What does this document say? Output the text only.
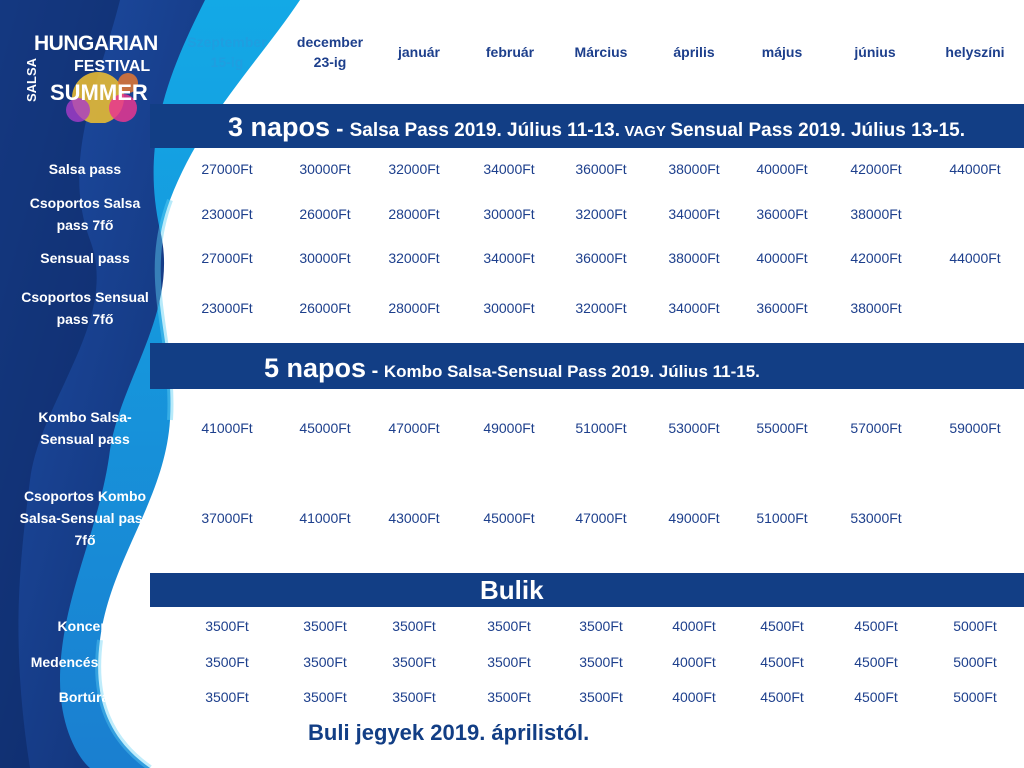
HUNGARIAN
SALSA FESTIVAL
SUMMER
Szeptember 15-ig
december 23-ig
január	február	Március	április	május	június	helyszíni
3 napos - Salsa Pass 2019. Július 11-13. VAGY Sensual Pass 2019. Július 13-15.
5 napos - Kombo Salsa-Sensual Pass 2019. Július 11-15.
Bulik
Salsa pass	27000Ft	30000Ft	32000Ft	34000Ft	36000Ft	38000Ft	40000Ft	42000Ft	44000Ft
Csoportos Salsa pass 7fő
23000Ft	26000Ft	28000Ft	30000Ft	32000Ft	34000Ft	36000Ft	38000Ft
Sensual pass	27000Ft	30000Ft	32000Ft	34000Ft	36000Ft	38000Ft	40000Ft	42000Ft	44000Ft
Csoportos Sensual pass 7fő
23000Ft	26000Ft	28000Ft	30000Ft	32000Ft	34000Ft	36000Ft	38000Ft
Kombo Salsa-Sensual pass
41000Ft	45000Ft	47000Ft	49000Ft	51000Ft	53000Ft	55000Ft	57000Ft	59000Ft
Csoportos Kombo Salsa-Sensual pass 7fő
37000Ft	41000Ft	43000Ft	45000Ft	47000Ft	49000Ft	51000Ft	53000Ft
Koncert	3500Ft	3500Ft	3500Ft	3500Ft	3500Ft	4000Ft	4500Ft	4500Ft	5000Ft
Medencés Party	3500Ft	3500Ft	3500Ft	3500Ft	3500Ft	4000Ft	4500Ft	4500Ft	5000Ft
Bortúra	3500Ft	3500Ft	3500Ft	3500Ft	3500Ft	4000Ft	4500Ft	4500Ft	5000Ft
Buli jegyek 2019. áprilistól.
